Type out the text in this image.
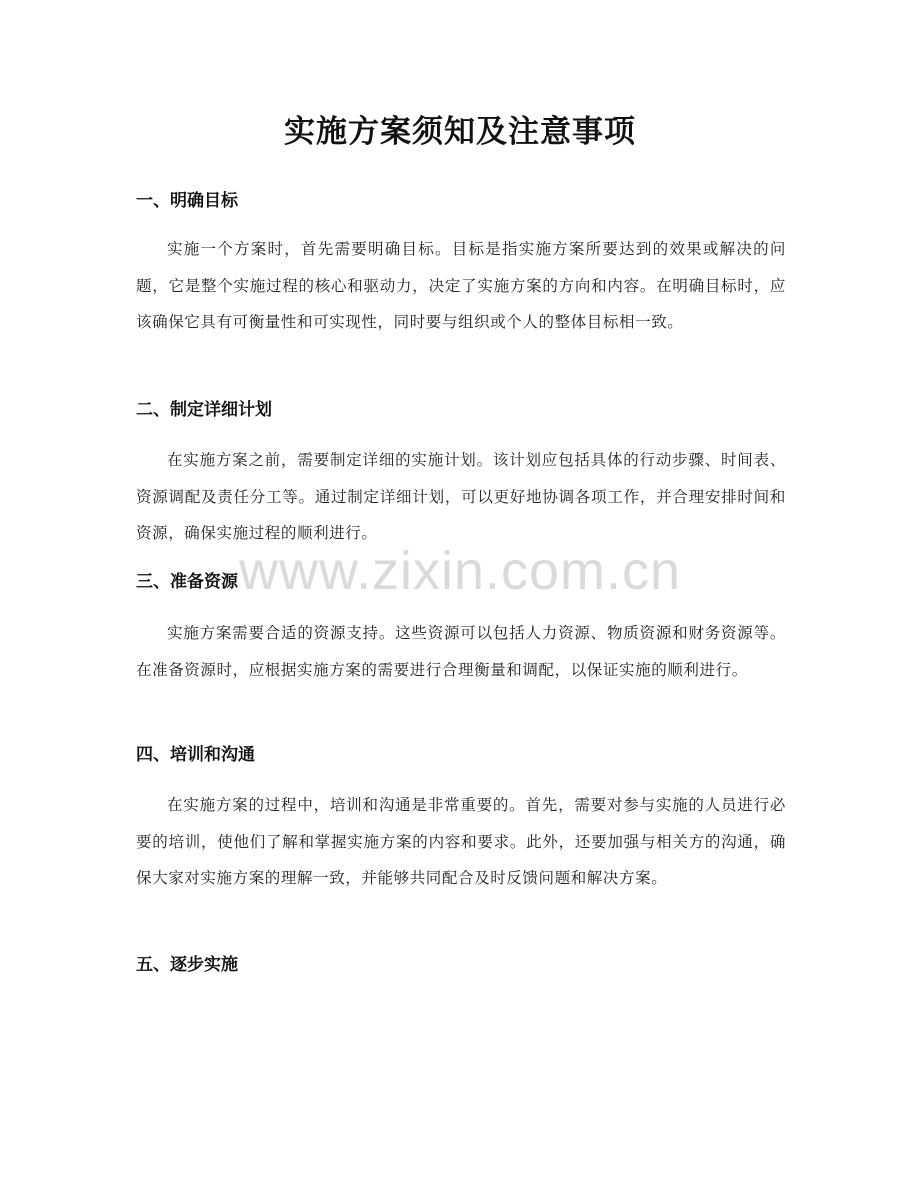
实施方案须知及注意事项
一、明确目标

实施一个方案时，首先需要明确目标。目标是指实施方案所要达到的效果或解决的问题，它是整个实施过程的核心和驱动力，决定了实施方案的方向和内容。在明确目标时，应该确保它具有可衡量性和可实现性，同时要与组织或个人的整体目标相一致。

二、制定详细计划

在实施方案之前，需要制定详细的实施计划。该计划应包括具体的行动步骤、时间表、资源调配及责任分工等。通过制定详细计划，可以更好地协调各项工作，并合理安排时间和资源，确保实施过程的顺利进行。

三、准备资源

实施方案需要合适的资源支持。这些资源可以包括人力资源、物质资源和财务资源等。在准备资源时，应根据实施方案的需要进行合理衡量和调配，以保证实施的顺利进行。

四、培训和沟通

在实施方案的过程中，培训和沟通是非常重要的。首先，需要对参与实施的人员进行必要的培训，使他们了解和掌握实施方案的内容和要求。此外，还要加强与相关方的沟通，确保大家对实施方案的理解一致，并能够共同配合及时反馈问题和解决方案。

五、逐步实施
www.zixin.com.cn
